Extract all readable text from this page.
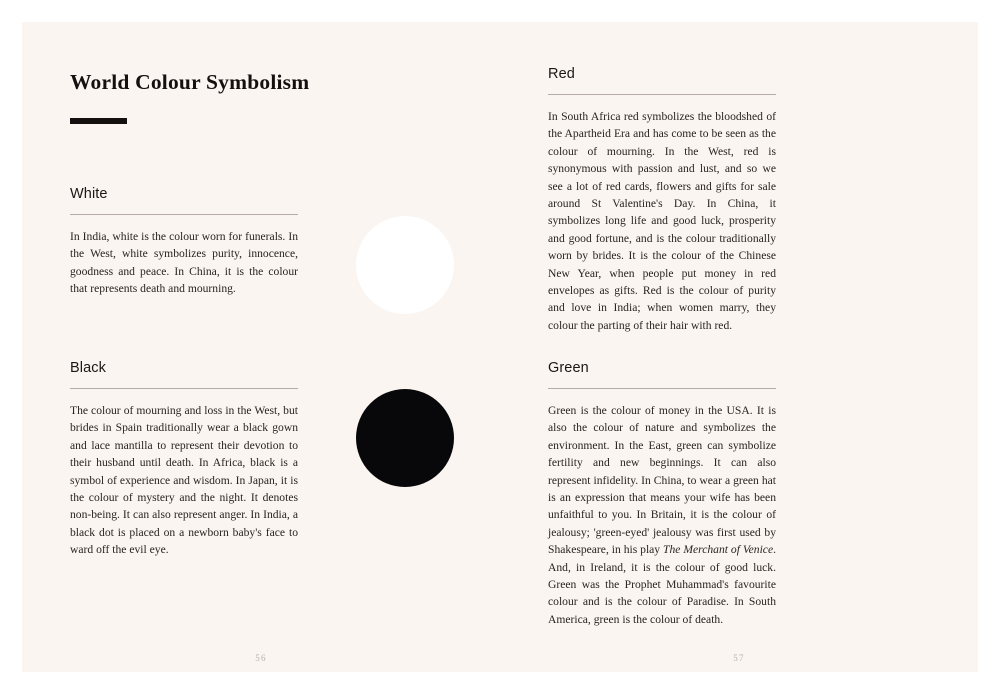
World Colour Symbolism
White

In India, white is the colour worn for funerals. In the West, white symbolizes purity, innocence, goodness and peace. In China, it is the colour that represents death and mourning.

Black

The colour of mourning and loss in the West, but brides in Spain traditionally wear a black gown and lace mantilla to represent their devotion to their husband until death. In Africa, black is a symbol of experience and wisdom. In Japan, it is the colour of mystery and the night. It denotes non-being. It can also represent anger. In India, a black dot is placed on a newborn baby's face to ward off the evil eye.

Red

In South Africa red symbolizes the bloodshed of the Apartheid Era and has come to be seen as the colour of mourning. In the West, red is synonymous with passion and lust, and so we see a lot of red cards, flowers and gifts for sale around St Valentine's Day. In China, it symbolizes long life and good luck, prosperity and good fortune, and is the colour traditionally worn by brides. It is the colour of the Chinese New Year, when people put money in red envelopes as gifts. Red is the colour of purity and love in India; when women marry, they colour the parting of their hair with red.

Green

Green is the colour of money in the USA. It is also the colour of nature and symbolizes the environment. In the East, green can symbolize fertility and new beginnings. It can also represent infidelity. In China, to wear a green hat is an expression that means your wife has been unfaithful to you. In Britain, it is the colour of jealousy; 'green-eyed' jealousy was first used by Shakespeare, in his play The Merchant of Venice. And, in Ireland, it is the colour of good luck. Green was the Prophet Muhammad's favourite colour and is the colour of Paradise. In South America, green is the colour of death.

56	57
